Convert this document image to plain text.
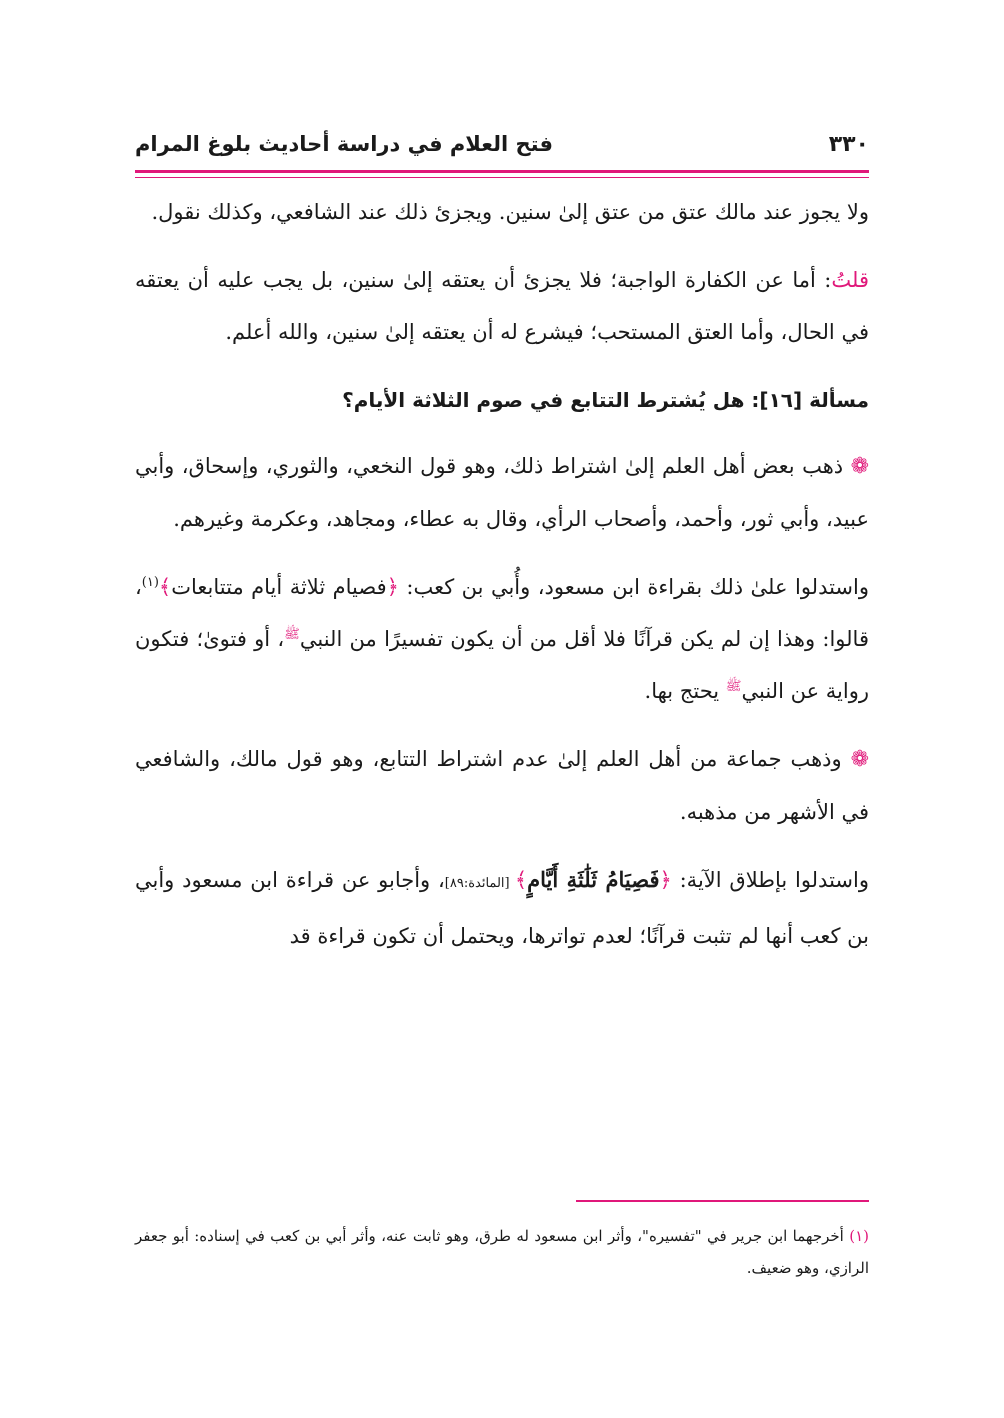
٣٣٠
فتح العلام في دراسة أحاديث بلوغ المرام

ولا يجوز عند مالك عتق من عتق إلىٰ سنين. ويجزئ ذلك عند الشافعي، وكذلك نقول.

قلتُ: أما عن الكفارة الواجبة؛ فلا يجزئ أن يعتقه إلىٰ سنين، بل يجب عليه أن يعتقه في الحال، وأما العتق المستحب؛ فيشرع له أن يعتقه إلىٰ سنين، والله أعلم.

مسألة [١٦]: هل يُشترط التتابع في صوم الثلاثة الأيام؟

❁ ذهب بعض أهل العلم إلىٰ اشتراط ذلك، وهو قول النخعي، والثوري، وإسحاق، وأبي عبيد، وأبي ثور، وأحمد، وأصحاب الرأي، وقال به عطاء، ومجاهد، وعكرمة وغيرهم.

واستدلوا علىٰ ذلك بقراءة ابن مسعود، وأُبي بن كعب: ﴿فصيام ثلاثة أيام متتابعات﴾$^{(١)}$، قالوا: وهذا إن لم يكن قرآنًا فلا أقل من أن يكون تفسيرًا من النبي$^ﷺ$، أو فتوىٰ؛ فتكون رواية عن النبي$^ﷺ$ يحتج بها.

❁ وذهب جماعة من أهل العلم إلىٰ عدم اشتراط التتابع، وهو قول مالك، والشافعي في الأشهر من مذهبه.

واستدلوا بإطلاق الآية: ﴿فَصِيَامُ ثَلَٰثَةِ أَيَّامٍ﴾ [المائدة:٨٩]، وأجابو عن قراءة ابن مسعود وأبي بن كعب أنها لم تثبت قرآنًا؛ لعدم تواترها، ويحتمل أن تكون قراءة قد

(١) أخرجهما ابن جرير في "تفسيره"، وأثر ابن مسعود له طرق، وهو ثابت عنه، وأثر أبي بن كعب في إسناده: أبو جعفر الرازي، وهو ضعيف.
